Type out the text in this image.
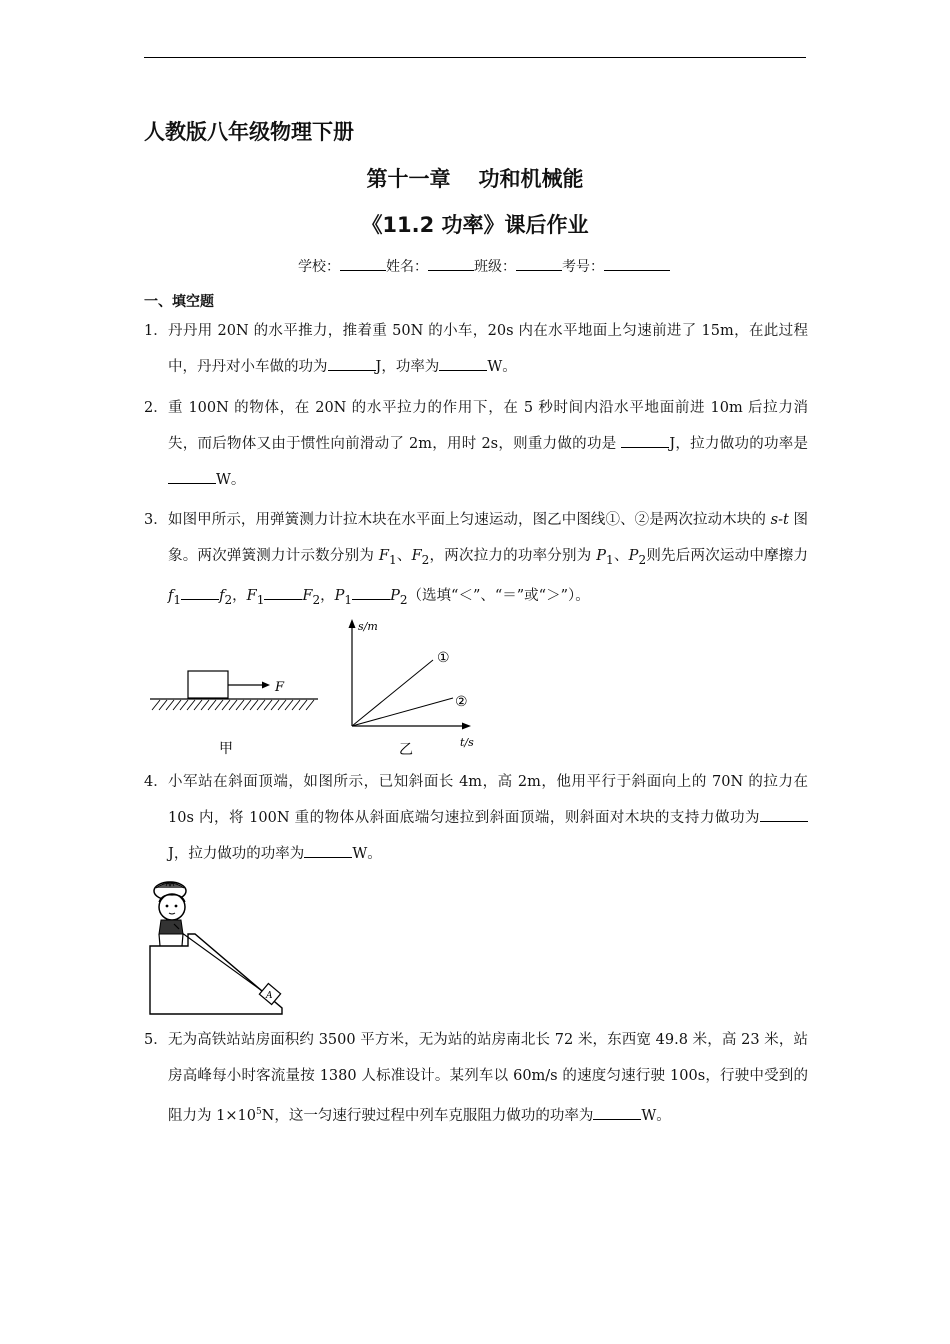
人教版八年级物理下册
第十一章 功和机械能
《11.2 功率》课后作业
学校：	姓名：	班级：	考号：
一、填空题
1． 丹丹用 20N 的水平推力，推着重 50N 的小车，20s 内在水平地面上匀速前进了 15m，在此过程中，丹丹对小车做的功为	J，功率为	W。
2． 重 100N 的物体，在 20N 的水平拉力的作用下，在 5 秒时间内沿水平地面前进 10m 后拉力消失，而后物体又由于惯性向前滑动了 2m，用时 2s，则重力做的功是	J，拉力做功的功率是 W。
3． 如图甲所示，用弹簧测力计拉木块在水平面上匀速运动，图乙中图线①、②是两次拉动木块的 s-t 图象。两次弹簧测力计示数分别为 $F_1$、$F_2$，两次拉力的功率分别为 $P_1$、$P_2$则先后两次运动中摩擦力 $f_1$	$f_2$，$F_1$	$F_2$，$P_1$	$P_2$（选填“＜”、“＝”或“＞”）。
F
甲
s/m
t/s
①
②
乙
4． 小军站在斜面顶端，如图所示，已知斜面长 4m，高 2m，他用平行于斜面向上的 70N 的拉力在 10s 内，将 100N 重的物体从斜面底端匀速拉到斜面顶端，则斜面对木块的支持力做功为J，拉力做功的功率为	W。
A
5． 无为高铁站站房面积约 3500 平方米，无为站的站房南北长 72 米，东西宽 49.8 米，高 23 米，站房高峰每小时客流量按 1380 人标准设计。某列车以 60m/s 的速度匀速行驶 100s，行驶中受到的阻力为 $1\times 10^5N$，这一匀速行驶过程中列车克服阻力做功的功率为	W。
